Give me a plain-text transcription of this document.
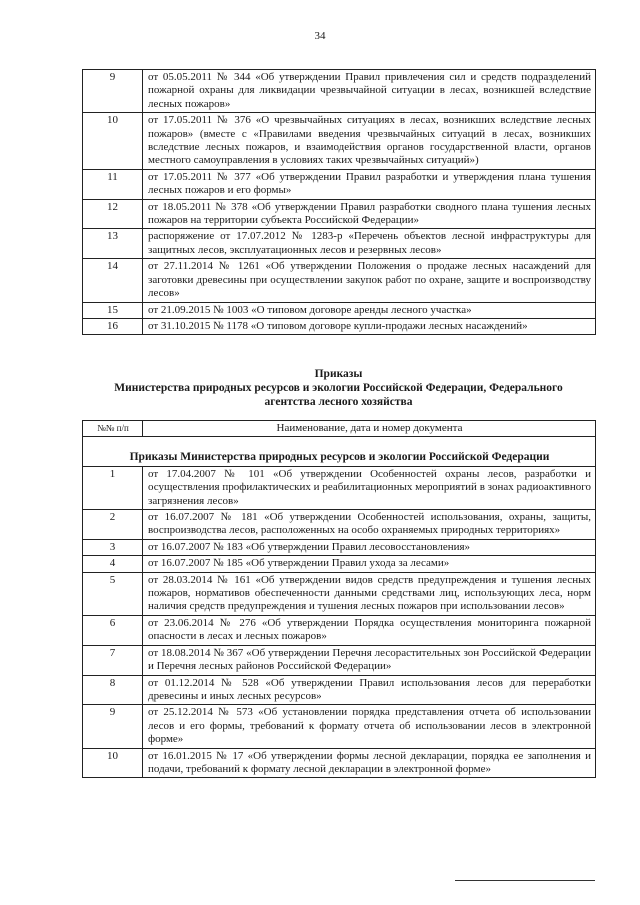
34
9	от 05.05.2011 № 344 «Об утверждении Правил привлечения сил и средств подразделений пожарной охраны для ликвидации чрезвычайной ситуации в лесах, возникшей вследствие лесных пожаров»
10	от 17.05.2011 № 376 «О чрезвычайных ситуациях в лесах, возникших вследствие лесных пожаров» (вместе с «Правилами введения чрезвычайных ситуаций в лесах, возникших вследствие лесных пожаров, и взаимодействия органов государственной власти, органов местного самоуправления в условиях таких чрезвычайных ситуаций»)
11	от 17.05.2011 № 377 «Об утверждении Правил разработки и утверждения плана тушения лесных пожаров и его формы»
12	от 18.05.2011 № 378 «Об утверждении Правил разработки сводного плана тушения лесных пожаров на территории субъекта Российской Федерации»
13	распоряжение от 17.07.2012 № 1283-р «Перечень объектов лесной инфраструктуры для защитных лесов, эксплуатационных лесов и резервных лесов»
14	от 27.11.2014 № 1261 «Об утверждении Положения о продаже лесных насаждений для заготовки древесины при осуществлении закупок работ по охране, защите и воспроизводству лесов»
15	от 21.09.2015 № 1003 «О типовом договоре аренды лесного участка»
16	от 31.10.2015 № 1178 «О типовом договоре купли-продажи лесных насаждений»
Приказы
Министерства природных ресурсов и экологии Российской Федерации, Федерального
агентства лесного хозяйства
№№ п/п	Наименование, дата и номер документа
Приказы Министерства природных ресурсов и экологии Российской Федерации	
1	от 17.04.2007 № 101 «Об утверждении Особенностей охраны лесов, разработки и осуществления профилактических и реабилитационных мероприятий в зонах радиоактивного загрязнения лесов»
2	от 16.07.2007 № 181 «Об утверждении Особенностей использования, охраны, защиты, воспроизводства лесов, расположенных на особо охраняемых природных территориях»
3	от 16.07.2007 № 183 «Об утверждении Правил лесовосстановления»
4	от 16.07.2007 № 185 «Об утверждении Правил ухода за лесами»
5	от 28.03.2014 № 161 «Об утверждении видов средств предупреждения и тушения лесных пожаров, нормативов обеспеченности данными средствами лиц, использующих леса, норм наличия средств предупреждения и тушения лесных пожаров при использовании лесов»
6	от 23.06.2014 № 276 «Об утверждении Порядка осуществления мониторинга пожарной опасности в лесах и лесных пожаров»
7	от 18.08.2014 № 367 «Об утверждении Перечня лесорастительных зон Российской Федерации и Перечня лесных районов Российской Федерации»
8	от 01.12.2014 № 528 «Об утверждении Правил использования лесов для переработки древесины и иных лесных ресурсов»
9	от 25.12.2014 № 573 «Об установлении порядка представления отчета об использовании лесов и его формы, требований к формату отчета об использовании лесов в электронной форме»
10	от 16.01.2015 № 17 «Об утверждении формы лесной декларации, порядка ее заполнения и подачи, требований к формату лесной декларации в электронной форме»
